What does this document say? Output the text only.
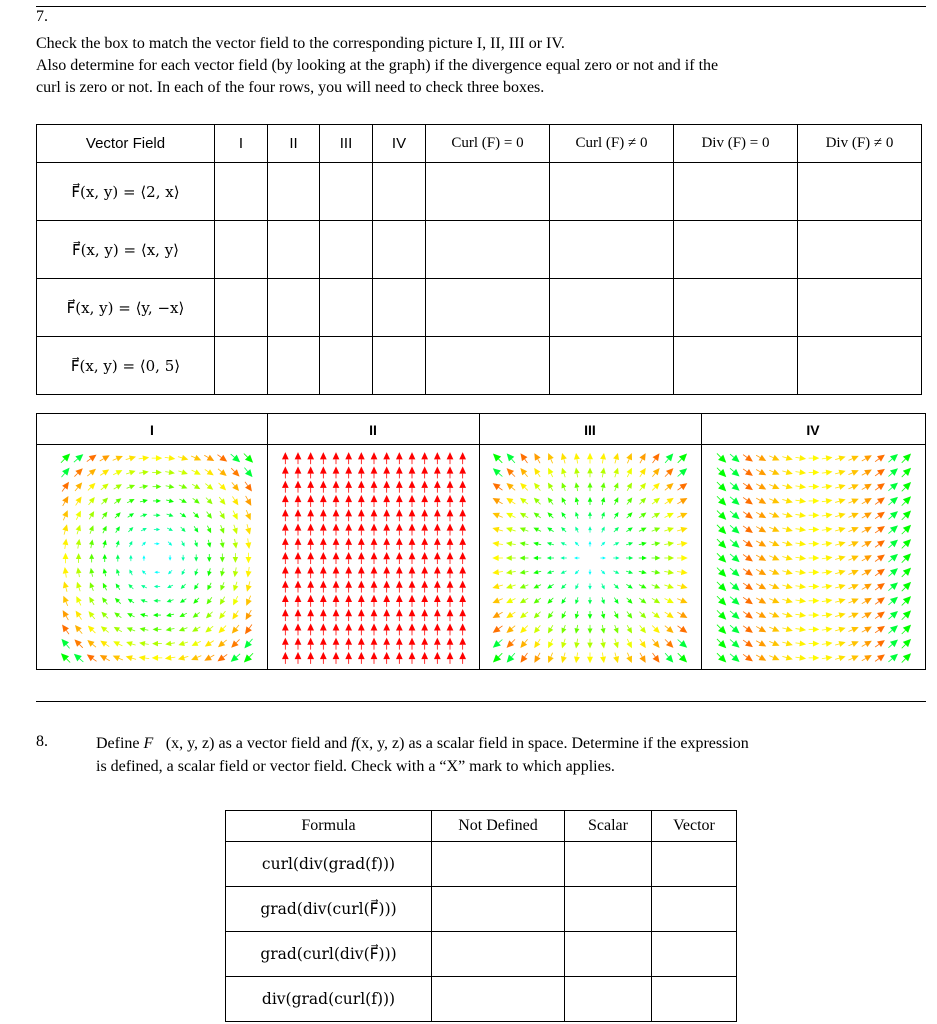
7.
Check the box to match the vector field to the corresponding picture I, II, III or IV.
Also determine for each vector field (by looking at the graph) if the divergence equal zero or not and if the
curl is zero or not. In each of the four rows, you will need to check three boxes.
Vector Field	I	II	III	IV	Curl (F) = 0	Curl (F) ≠ 0	Div (F) = 0	Div (F) ≠ 0
F⃗(x, y) = ⟨2, x⟩								
F⃗(x, y) = ⟨x, y⟩								
F⃗(x, y) = ⟨y, −x⟩								
F⃗(x, y) = ⟨0, 5⟩								
I	II	III	IV
8.	Define F⃗(x, y, z) as a vector field and f(x, y, z) as a scalar field in space. Determine if the expression
is defined, a scalar field or vector field. Check with a “X” mark to which applies.
Formula	Not Defined	Scalar	Vector
curl(div(grad(f)))			
grad(div(curl(F⃗)))			
grad(curl(div(F⃗)))			
div(grad(curl(f)))			
